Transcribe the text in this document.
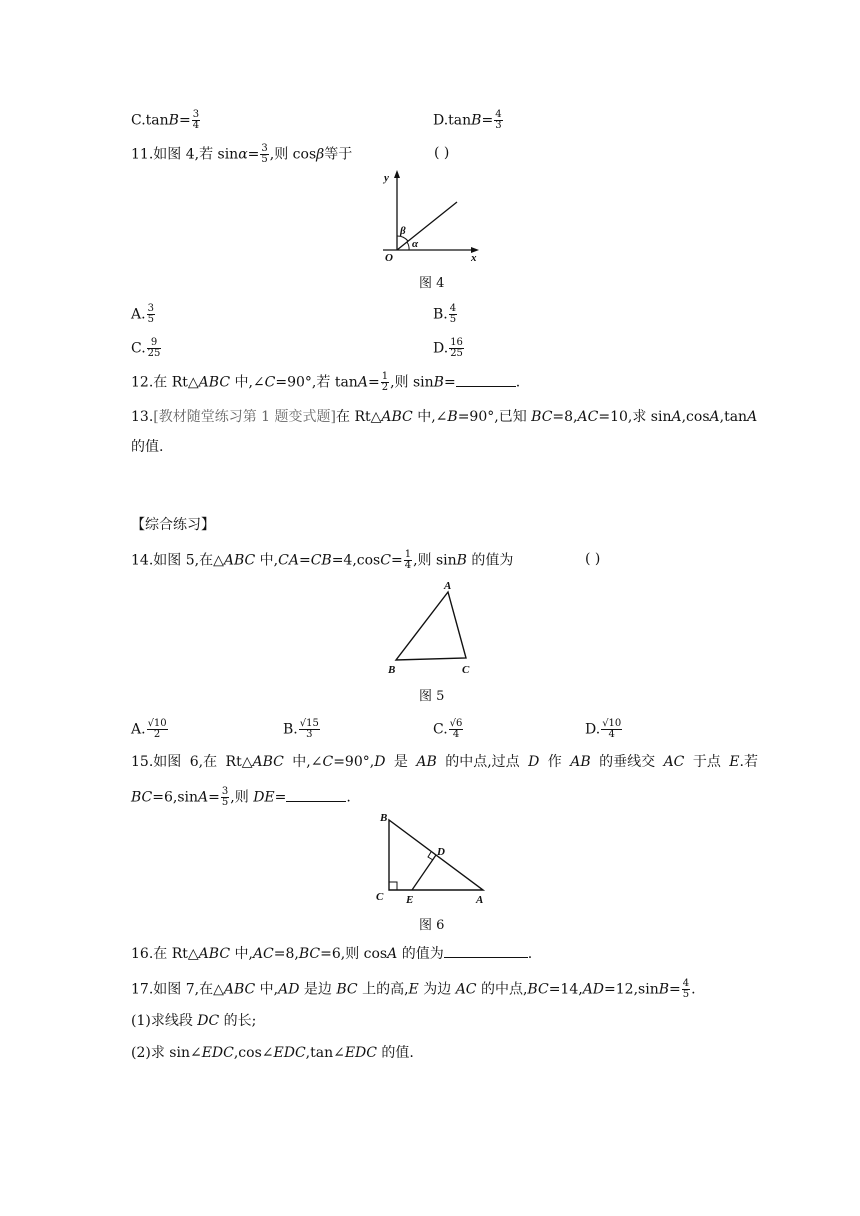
$C.\tan B= \frac{3}{4}$	$D.\tan B= \frac{4}{3}$
11.如图 4,若 $\sin\alpha= \frac{3}{5}$ ,则 cosβ等于	( )
y
x
O
β
α
图 4
A. $\frac{3}{5}$	B. $\frac{4}{5}$
C. $\frac{9}{25}$	D. $\frac{16}{25}$
12.在 Rt△ABC 中,∠C=90°,若 $\tan A= \frac{1}{2}$ ,则 sinB=	.
13.[教材随堂练习第 1 题变式题]在 Rt△ABC 中,∠B=90°,已知 BC=8,AC=10,求 sinA,cosA,tanA
的值.
【综合练习】
14.如图 5,在△ABC 中$,CA=CB=4,\cos C= \frac{1}{4}$ ,则 sinB 的值为	( )
A
B	C
图 5
A. $\frac{√10}{2}$	B. $\frac{√15}{3}$	C. $\frac{√6}{4}$	D. $\frac{√10}{4}$
15.如图 6,在 Rt△ABC 中,∠C=90°,D 是 AB 的中点,过点 D 作 AB 的垂线交 AC 于点 E.若
$BC=6,\sin A= \frac{3}{5}$ ,则 DE=	.
B
D
C E	A
图 6
16.在 Rt△ABC 中,AC=8,BC=6,则 cosA 的值为	.
17.如图 7,在△ABC 中,AD 是边 BC 上的高,E 为边 AC 的中点$,BC=14,AD=12,\sin B= \frac{4}{5}$ .
(1)求线段 DC 的长;
(2)求 sin∠EDC,cos∠EDC,tan∠EDC 的值.
